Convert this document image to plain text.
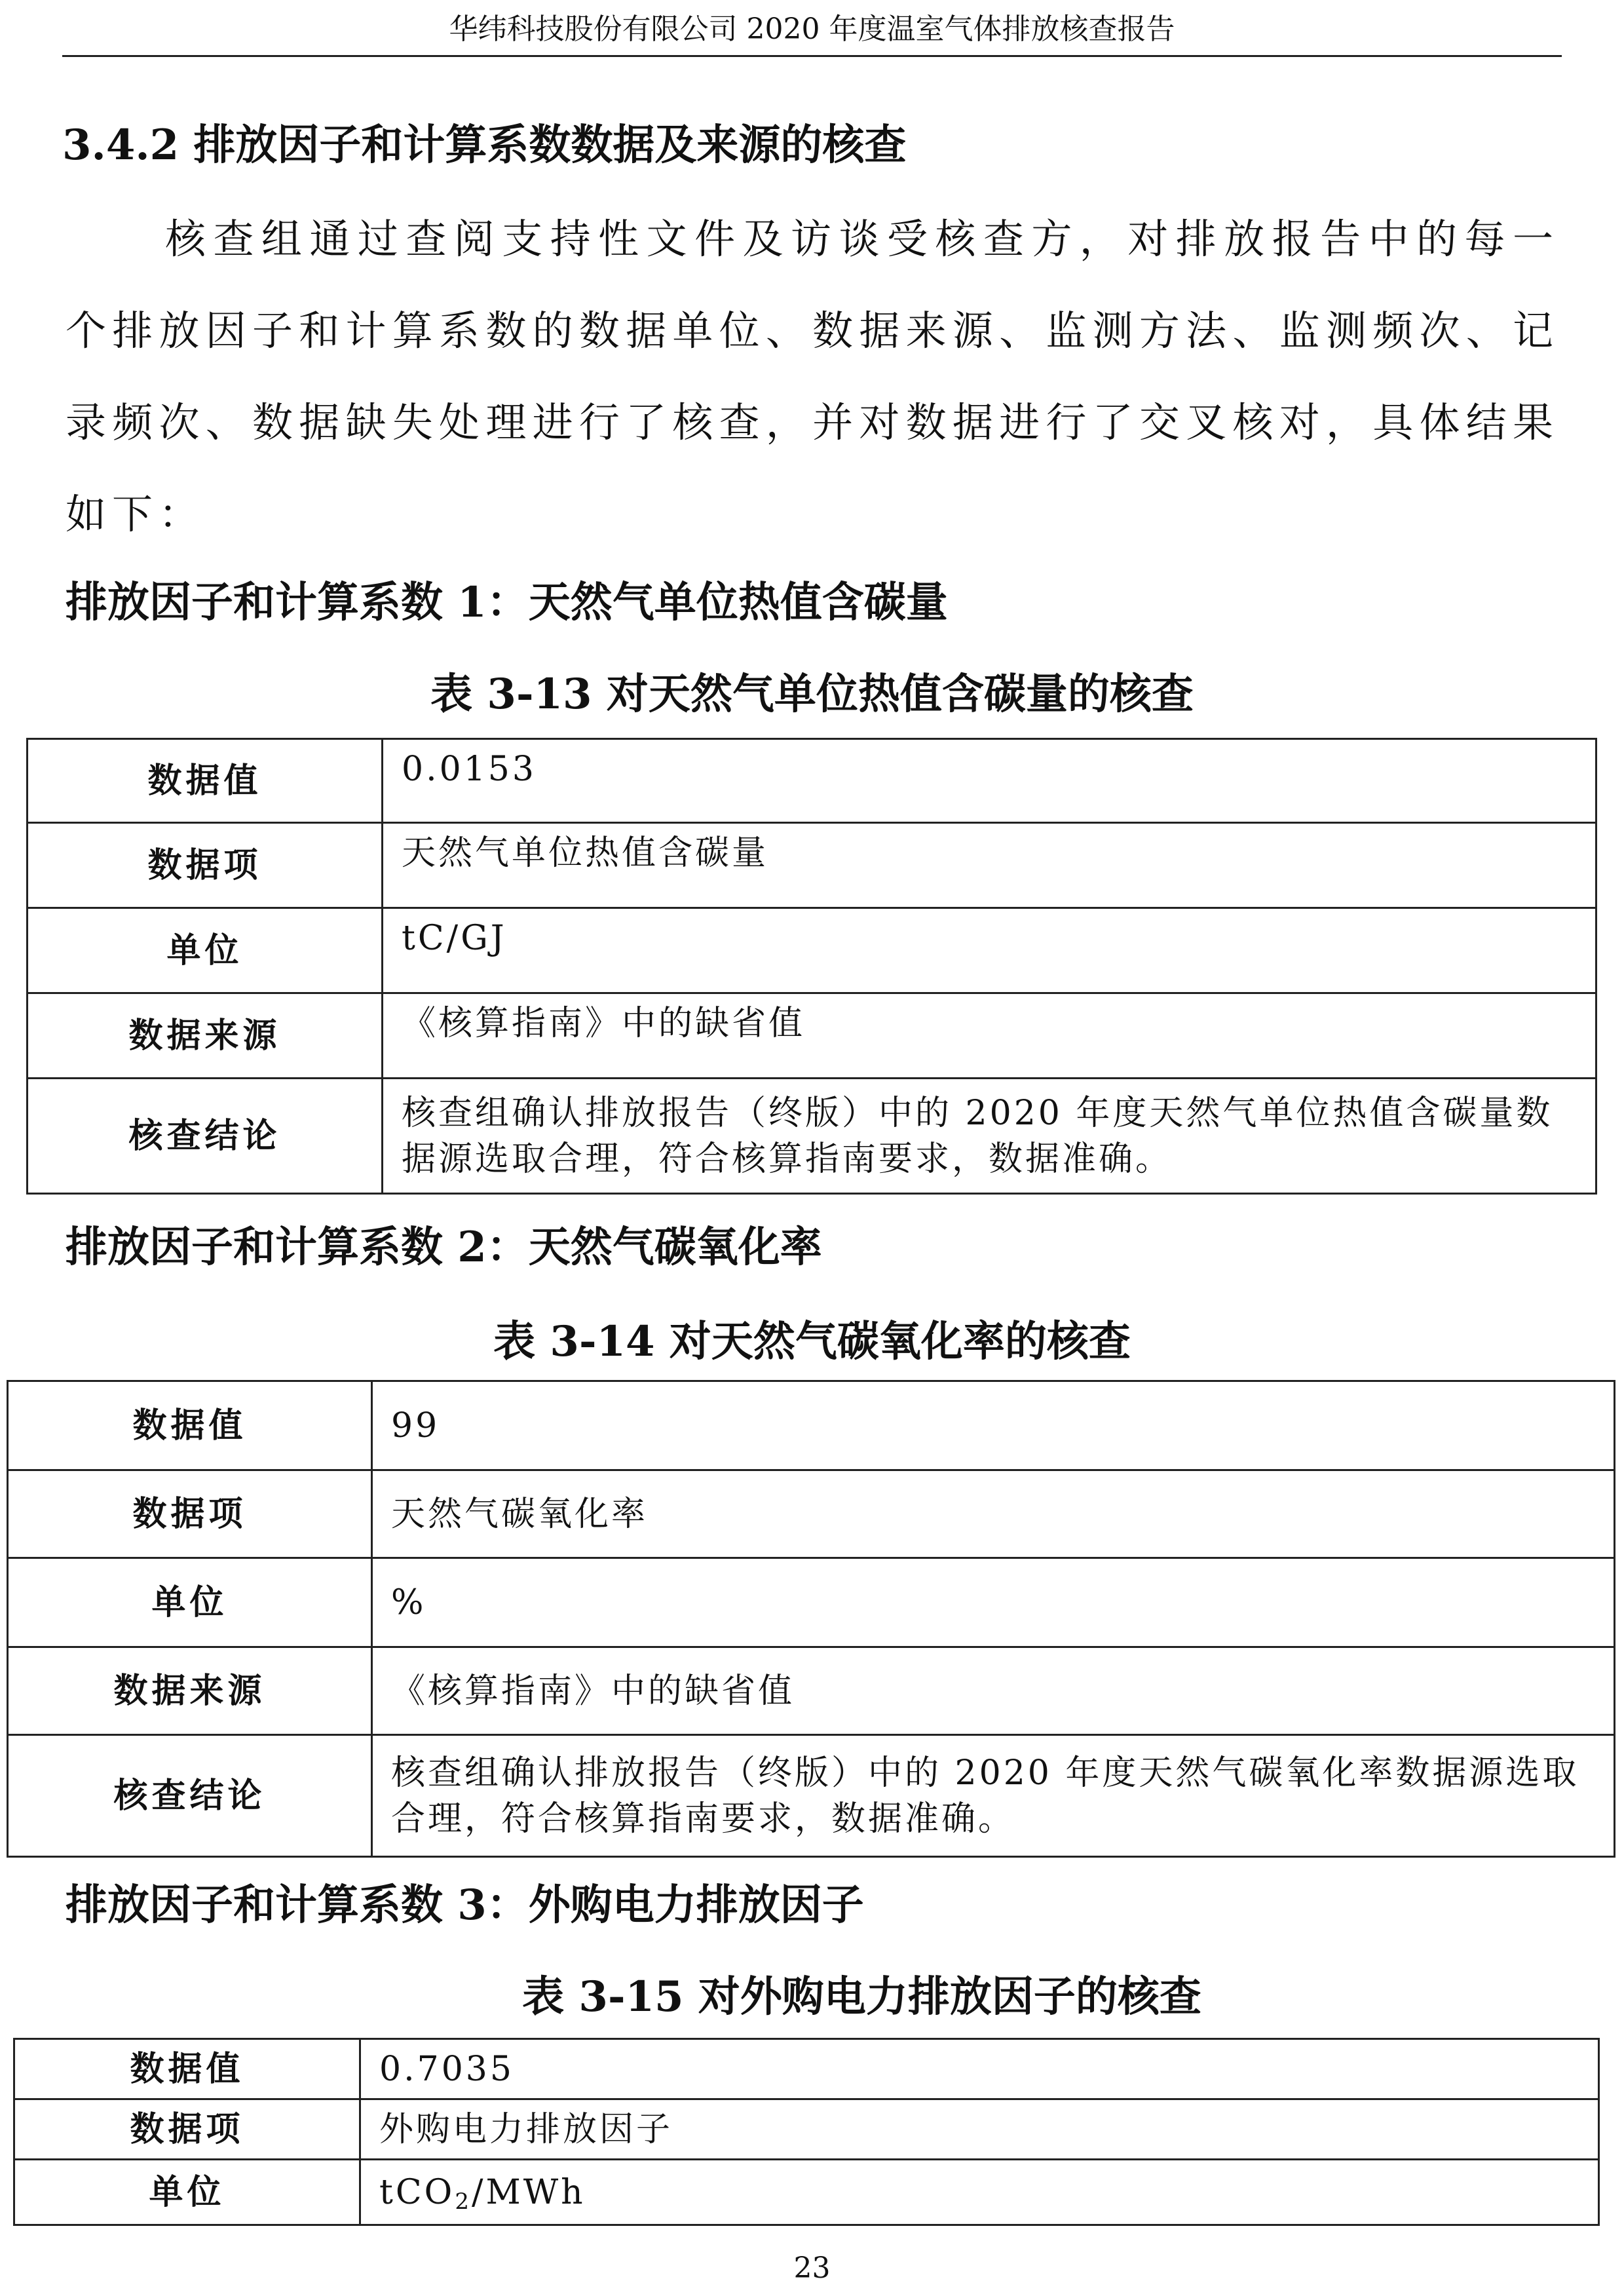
华纬科技股份有限公司 2020 年度温室气体排放核查报告
3.4.2 排放因子和计算系数数据及来源的核查

核查组通过查阅支持性文件及访谈受核查方，对排放报告中的每一个排放因子和计算系数的数据单位、数据来源、监测方法、监测频次、记录频次、数据缺失处理进行了核查，并对数据进行了交叉核对，具体结果如下：

排放因子和计算系数 1：天然气单位热值含碳量
表 3-13 对天然气单位热值含碳量的核查
数据值	0.0153
数据项	天然气单位热值含碳量
单位	tC/GJ
数据来源	《核算指南》中的缺省值
核查结论	核查组确认排放报告（终版）中的 2020 年度天然气单位热值含碳量数据源选取合理，符合核算指南要求，数据准确。
排放因子和计算系数 2：天然气碳氧化率
表 3-14 对天然气碳氧化率的核查
数据值	99
数据项	天然气碳氧化率
单位	%
数据来源	《核算指南》中的缺省值
核查结论	核查组确认排放报告（终版）中的 2020 年度天然气碳氧化率数据源选取合理，符合核算指南要求，数据准确。
排放因子和计算系数 3：外购电力排放因子
表 3-15 对外购电力排放因子的核查
数据值	0.7035
数据项	外购电力排放因子
单位	tCO$_2$/MWh
23
